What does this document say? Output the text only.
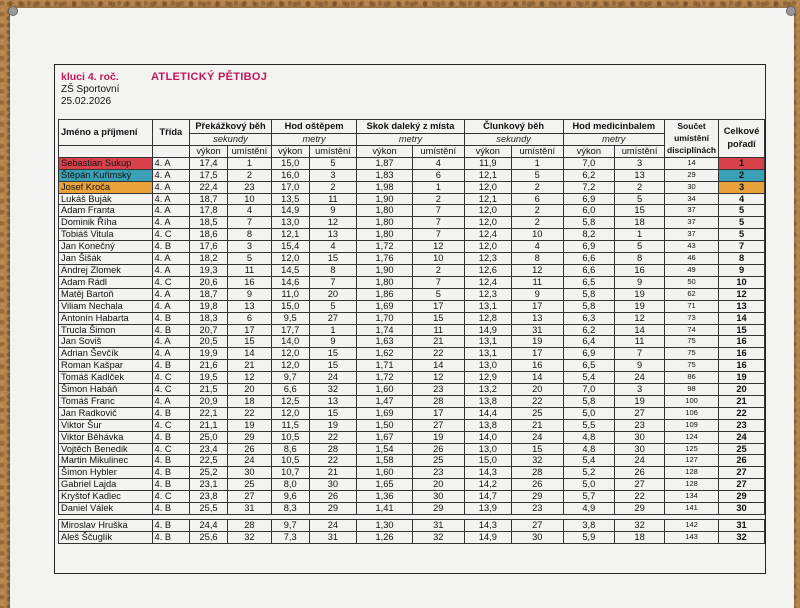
kluci 4. roč.	ATLETICKÝ PĚTIBOJ
ZŠ Sportovní
25.02.2026
Jméno a příjmení	Třída	Překážkový běh		Hod oštěpem		Skok daleký z místa		Člunkový běh		Hod medicinbalem		Součet umístění disciplínách	Celkové pořadí
		sekundy		metry		metry		sekundy		metry			
		výkon	umístění	výkon	umístění	výkon	umístění	výkon	umístění	výkon	umístění		
Sebastian Sukup	4. A	17,4	1	15,0	5	1,87	4	11,9	1	7,0	3	14	1
Štěpán Kuřimský	4. A	17,5	2	16,0	3	1,83	6	12,1	5	6,2	13	29	2
Josef Kroča	4. A	22,4	23	17,0	2	1,98	1	12,0	2	7,2	2	30	3
Lukáš Buják	4. A	18,7	10	13,5	11	1,90	2	12,1	6	6,9	5	34	4
Adam Franta	4. A	17,8	4	14,9	9	1,80	7	12,0	2	6,0	15	37	5
Dominik Říha	4. A	18,5	7	13,0	12	1,80	7	12,0	2	5,8	18	37	5
Tobiáš Vitula	4. C	18,6	8	12,1	13	1,80	7	12,4	10	8,2	1	37	5
Jan Konečný	4. B	17,6	3	15,4	4	1,72	12	12,0	4	6,9	5	43	7
Jan Šišák	4. A	18,2	5	12,0	15	1,76	10	12,3	8	6,6	8	46	8
Andrej Zlomek	4. A	19,3	11	14,5	8	1,90	2	12,6	12	6,6	16	49	9
Adam Rádl	4. C	20,6	16	14,6	7	1,80	7	12,4	11	6,5	9	50	10
Matěj Bartoň	4. A	18,7	9	11,0	20	1,86	5	12,3	9	5,8	19	62	12
Viliam Nechala	4. A	19,8	13	15,0	5	1,69	17	13,1	17	5,8	19	71	13
Antonín Habarta	4. B	18,3	6	9,5	27	1,70	15	12,8	13	6,3	12	73	14
Trucla Šimon	4. B	20,7	17	17,7	1	1,74	11	14,9	31	6,2	14	74	15
Jan Soviš	4. A	20,5	15	14,0	9	1,63	21	13,1	19	6,4	11	75	16
Adrian Ševčík	4. A	19,9	14	12,0	15	1,62	22	13,1	17	6,9	7	75	16
Roman Kašpar	4. B	21,6	21	12,0	15	1,71	14	13,0	16	6,5	9	75	16
Tomáš Kadlček	4. C	19,5	12	9,7	24	1,72	12	12,9	14	5,4	24	86	19
Šimon Habáň	4. C	21,5	20	6,6	32	1,60	23	13,2	20	7,0	3	98	20
Tomáš Franc	4. A	20,9	18	12,5	13	1,47	28	13,8	22	5,8	19	100	21
Jan Radkovič	4. B	22,1	22	12,0	15	1,69	17	14,4	25	5,0	27	106	22
Viktor Šur	4. C	21,1	19	11,5	19	1,50	27	13,8	21	5,5	23	109	23
Viktor Běhávka	4. B	25,0	29	10,5	22	1,67	19	14,0	24	4,8	30	124	24
Vojtěch Benedik	4. C	23,4	26	8,6	28	1,54	26	13,0	15	4,8	30	125	25
Martin Mikulinec	4. B	22,5	24	10,5	22	1,58	25	15,0	32	5,4	24	127	26
Šimon Hybler	4. B	25,2	30	10,7	21	1,60	23	14,3	28	5,2	26	128	27
Gabriel Lajda	4. B	23,1	25	8,0	30	1,65	20	14,2	26	5,0	27	128	27
Kryštof Kadlec	4. C	23,8	27	9,6	26	1,36	30	14,7	29	5,7	22	134	29
Daniel Válek	4. B	25,5	31	8,3	29	1,41	29	13,9	23	4,9	29	141	30

Miroslav Hruška	4. B	24,4	28	9,7	24	1,30	31	14,3	27	3,8	32	142	31
Aleš Ščuglík	4. B	25,6	32	7,3	31	1,26	32	14,9	30	5,9	18	143	32
